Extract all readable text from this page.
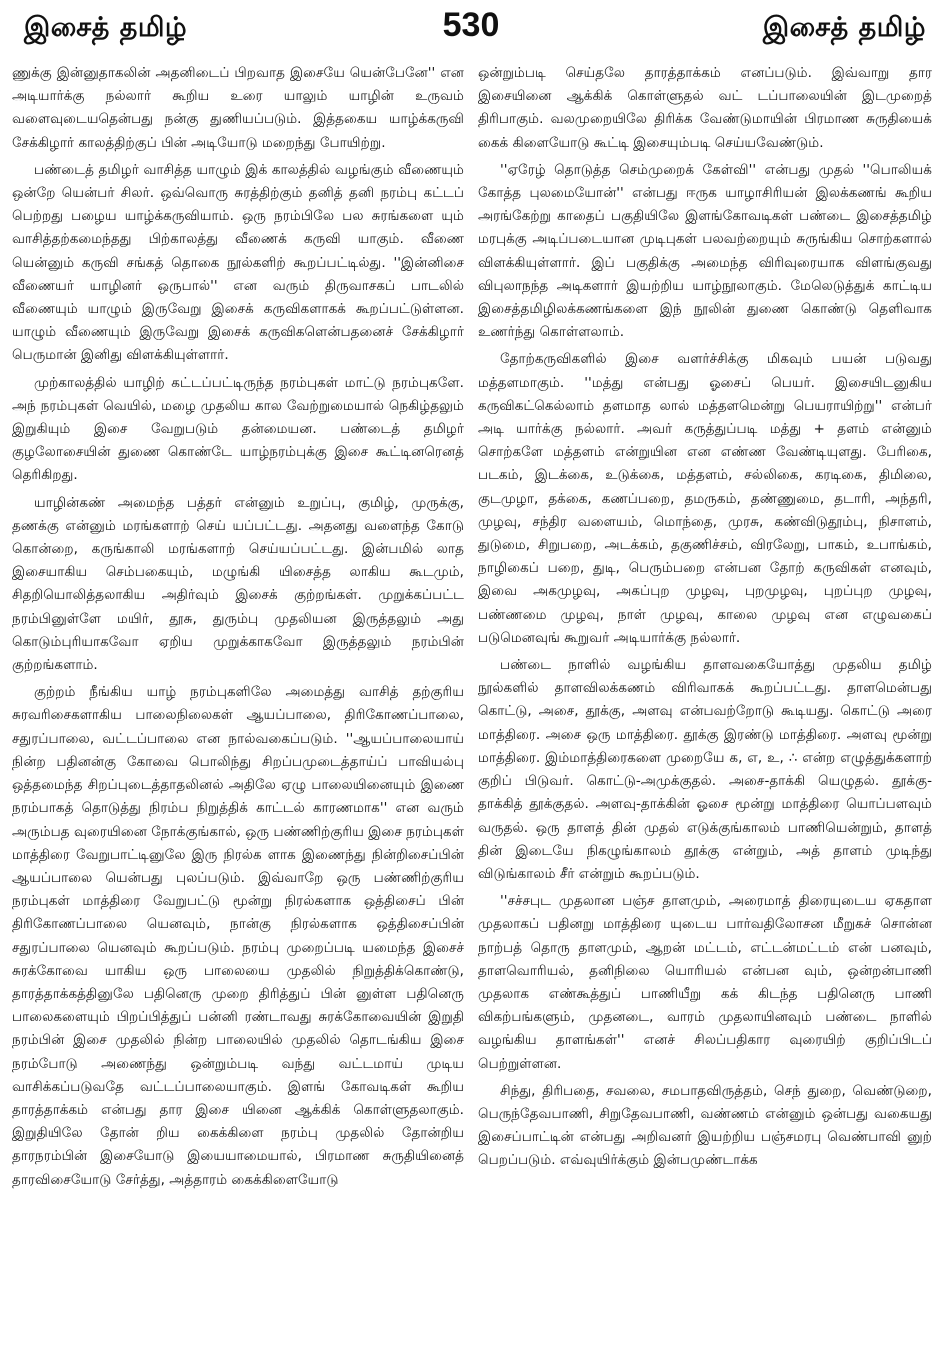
இசைத் தமிழ்	530	இசைத் தமிழ்

ணுக்கு இன்னுதாகலின் அதனிடைப் பிறவாத இசையே யென்பேனே'' என அடியார்க்கு நல்லார் கூறிய உரை யாலும் யாழின் உருவம் வளைவுடையதென்பது நன்கு துணியப்படும். இத்தகைய யாழ்க்கருவி சேக்கிழார் காலத்திற்குப் பின் அடியோடு மறைந்து போயிற்று.

பண்டைத் தமிழர் வாசித்த யாழும் இக் காலத்தில் வழங்கும் வீணையும் ஒன்றே யென்பர் சிலர். ஒவ்வொரு சுரத்திற்கும் தனித் தனி நரம்பு கட்டப் பெற்றது பழைய யாழ்க்கருவியாம். ஒரு நரம்பிலே பல சுரங்களை யும் வாசித்தற்கமைந்தது பிற்காலத்து வீணைக் கருவி யாகும். வீணை யென்னும் கருவி சங்கத் தொகை நூல்களிற் கூறப்பட்டில்து. ''இன்னிசை வீணையர் யாழினர் ஒருபால்'' என வரும் திருவாசகப் பாடலில் வீணையும் யாழும் இருவேறு இசைக் கருவிகளாகக் கூறப்பட்டுள்ளன. யாழும் வீணையும் இருவேறு இசைக் கருவிகளென்பதனைச் சேக்கிழார் பெருமான் இனிது விளக்கியுள்ளார்.

முற்காலத்தில் யாழிற் கட்டப்பட்டிருந்த நரம்புகள் மாட்டு நரம்புகளே. அந் நரம்புகள் வெயில், மழை முதலிய கால வேற்றுமையால் நெகிழ்தலும் இறுகியும் இசை வேறுபடும் தன்மையன. பண்டைத் தமிழர் குழலோசையின் துணை கொண்டே யாழ்நரம்புக்கு இசை கூட்டினரெனத் தெரிகிறது.

யாழின்கண் அமைந்த பத்தர் என்னும் உறுப்பு, குமிழ், முருக்கு, தணக்கு என்னும் மரங்களாற் செய் யப்பட்டது. அதனது வளைந்த கோடு கொன்றை, கருங்காலி மரங்களாற் செய்யப்பட்டது. இன்பமில் லாத இசையாகிய செம்பகையும், மழுங்கி யிசைத்த லாகிய கூடமும், சிதறியொலித்தலாகிய அதிர்வும் இசைக் குற்றங்கள். முறுக்கப்பட்ட நரம்பினுள்ளே மயிர், தூசு, துரும்பு முதலியன இருத்தலும் அது கொடும்புரியாகவோ ஏறிய முறுக்காகவோ இருத்தலும் நரம்பின் குற்றங்களாம்.

குற்றம் நீங்கிய யாழ் நரம்புகளிலே அமைத்து வாசித் தற்குரிய சுரவரிசைகளாகிய பாலைநிலைகள் ஆயப்பாலை, திரிகோணப்பாலை, சதுரப்பாலை, வட்டப்பாலை என நால்வகைப்படும். ''ஆயப்பாலையாய் நின்ற பதினன்கு கோவை பொலிந்து சிறப்பமுடைத்தாய்ப் பாவியல்பு ஒத்தமைந்த சிறப்புடைத்தாதலினல் அதிலே ஏழு பாலையினையும் இணை நரம்பாகத் தொடுத்து நிரம்ப நிறுத்திக் காட்டல் காரணமாக'' என வரும் அரும்பத வுரையினை நோக்குங்கால், ஒரு பண்ணிற்குரிய இசை நரம்புகள் மாத்திரை வேறுபாட்டினுலே இரு நிரல்க ளாக இணைந்து நின்றிசைப்பின் ஆயப்பாலை யென்பது புலப்படும். இவ்வாறே ஒரு பண்ணிற்குரிய நரம்புகள் மாத்திரை வேறுபட்டு மூன்று நிரல்களாக ஒத்திசைப் பின் திரிகோணப்பாலை யெனவும், நான்கு நிரல்களாக ஒத்திசைப்பின் சதுரப்பாலை யெனவும் கூறப்படும். நரம்பு முறைப்படி யமைந்த இசைச் சுரக்கோவை யாகிய ஒரு பாலையை முதலில் நிறுத்திக்கொண்டு, தாரத்தாக்கத்தினுலே பதினெரு முறை திரித்துப் பின் னுள்ள பதினெரு பாலைகளையும் பிறப்பித்துப் பன்னி ரண்டாவது சுரக்கோவையின் இறுதி நரம்பின் இசை முதலில் நின்ற பாலையில் முதலில் தொடங்கிய இசை நரம்போடு அணைந்து ஒன்றும்படி வந்து வட்டமாய் முடிய வாசிக்கப்படுவதே வட்டப்பாலையாகும். இளங் கோவடிகள் கூறிய தாரத்தாக்கம் என்பது தார இசை யினை ஆக்கிக் கொள்ளுதலாகும். இறுதியிலே தோன் றிய கைக்கிளை நரம்பு முதலில் தோன்றிய தாரநரம்பின் இசையோடு இயையாமையால், பிரமாண சுருதியினைத் தாரவிசையோடு சேர்த்து, அத்தாரம் கைக்கிளையோடு

ஒன்றும்படி செய்தலே தாரத்தாக்கம் எனப்படும். இவ்வாறு தார இசையினை ஆக்கிக் கொள்ளுதல் வட் டப்பாலையின் இடமுறைத் திரிபாகும். வலமுறையிலே திரிக்க வேண்டுமாயின் பிரமாண சுருதியைக் கைக் கிளையோடு கூட்டி இசையும்படி செய்யவேண்டும்.

''ஏரேழ் தொடுத்த செம்முறைக் கேள்வி'' என்பது முதல் ''பொலியக் கோத்த புலமையோன்'' என்பது ஈருக யாழாசிரியன் இலக்கணங் கூறிய அரங்கேற்று காதைப் பகுதியிலே இளங்கோவடிகள் பண்டை இசைத்தமிழ் மரபுக்கு அடிப்படையான முடிபுகள் பலவற்றையும் சுருங்கிய சொற்களால் விளக்கியுள்ளார். இப் பகுதிக்கு அமைந்த விரிவுரையாக விளங்குவது விபுலாநந்த அடிகளார் இயற்றிய யாழ்நூலாகும். மேலெடுத்துக் காட்டிய இசைத்தமிழிலக்கணங்களை இந் நூலின் துணை கொண்டு தெளிவாக உணர்ந்து கொள்ளலாம்.

தோற்கருவிகளில் இசை வளர்ச்சிக்கு மிகவும் பயன் படுவது மத்தளமாகும். ''மத்து என்பது ஓசைப் பெயர். இசையிடனுகிய கருவிகட்கெல்லாம் தளமாத லால் மத்தளமென்று பெயராயிற்று'' என்பர் அடி யார்க்கு நல்லார். அவர் கருத்துப்படி மத்து + தளம் என்னும் சொற்களே மத்தளம் என்றுயின என எண்ண வேண்டியுளது. பேரிகை, படகம், இடக்கை, உடுக்கை, மத்தளம், சல்லிகை, கரடிகை, திமிலை, குடமுழா, தக்கை, கணப்பறை, தமருகம், தண்ணுமை, தடாரி, அந்தரி, முழவு, சந்திர வளையம், மொந்தை, முரசு, கண்விடுதூம்பு, நிசாளம், துடுமை, சிறுபறை, அடக்கம், தகுணிச்சம், விரலேறு, பாகம், உபாங்கம், நாழிகைப் பறை, துடி, பெரும்பறை என்பன தோற் கருவிகள் எனவும், இவை அகமுழவு, அகப்புற முழவு, புறமுழவு, புறப்புற முழவு, பண்ணமை முழவு, நாள் முழவு, காலை முழவு என எழுவகைப் படுமெனவுங் கூறுவர் அடியார்க்கு நல்லார்.

பண்டை நாளில் வழங்கிய தாளவகையோத்து முதலிய தமிழ் நூல்களில் தாளவிலக்கணம் விரிவாகக் கூறப்பட்டது. தாளமென்பது கொட்டு, அசை, தூக்கு, அளவு என்பவற்றோடு கூடியது. கொட்டு அரை மாத்திரை. அசை ஒரு மாத்திரை. தூக்கு இரண்டு மாத்திரை. அளவு மூன்று மாத்திரை. இம்மாத்திரைகளை முறையே க, எ, உ, ∴ என்ற எழுத்துக்களாற் குறிப் பிடுவர். கொட்டு-அமுக்குதல். அசை-தாக்கி யெழுதல். தூக்கு-தாக்கித் தூக்குதல். அளவு-தாக்கின் ஓசை மூன்று மாத்திரை யொப்பளவும் வருதல். ஒரு தாளத் தின் முதல் எடுக்குங்காலம் பாணியென்றும், தாளத் தின் இடையே நிகழுங்காலம் தூக்கு என்றும், அத் தாளம் முடிந்து விடுங்காலம் சீர் என்றும் கூறப்படும்.

''சச்சபுட முதலான பஞ்ச தாளமும், அரைமாத் திரையுடைய ஏகதாள முதலாகப் பதினறு மாத்திரை யுடைய பார்வதிலோசன மீறுகச் சொன்ன நாற்பத் தொரு தாளமும், ஆறன் மட்டம், எட்டன்மட்டம் என் பனவும், தாளவொரியல், தனிநிலை யொரியல் என்பன வும், ஒன்றன்பாணி முதலாக எண்கூத்துப் பாணியீறு கக் கிடந்த பதினெரு பாணி விகற்பங்களும், முதனடை, வாரம் முதலாயினவும் பண்டை நாளில் வழங்கிய தாளங்கள்'' எனச் சிலப்பதிகார வுரையிற் குறிப்பிடப் பெற்றுள்ளன.

சிந்து, திரிபதை, சவலை, சமபாதவிருத்தம், செந் துறை, வெண்டுறை, பெருந்தேவபாணி, சிறுதேவபாணி, வண்ணம் என்னும் ஒன்பது வகையது இசைப்பாட்டின் என்பது அறிவனர் இயற்றிய பஞ்சமரபு வெண்பாவி னுற் பெறப்படும். எவ்வுயிர்க்கும் இன்பமுண்டாக்க
